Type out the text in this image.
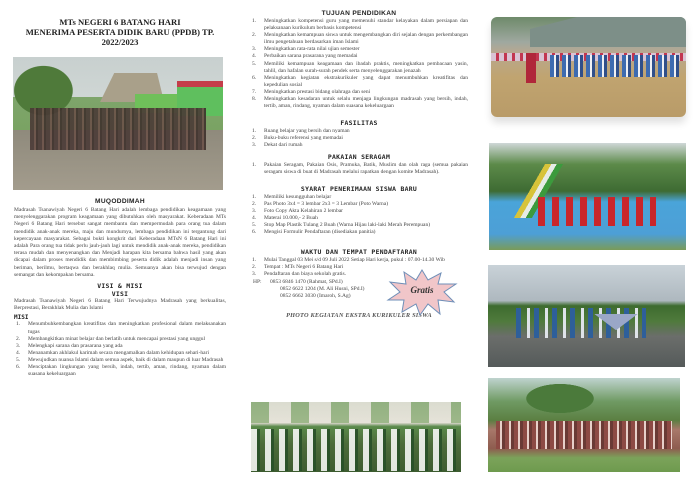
MTs NEGERI 6 BATANG HARI
MENERIMA PESERTA DIDIK BARU (PPDB) TP.
2022/2023
MUQODDIMAH

Madrasah Tsanawiyah Negeri 6 Batang Hari adalah lembaga pendidikan keagamaan yang menyelenggarakan program keagamaan yang dibutuhkan oleh masyarakat. Keberadaan MTs Negeri 6 Batang Hari tersebut sangat membantu dan mempermudah para orang tua dalam mendidik anak-anak mereka, maju dan mundurnya, lembaga pendidikan ini tergantung dari kepercayaan masyarakat. Sebagai bukti kongkrit dari Keberadaan MTsN 6 Batang Hari ini adalah Para orang tua tidak perlu jauh-jauh lagi untuk mendidik anak-anak mereka, pendidikan terasa mudah dan menyenangkan dan Menjadi harapan kita bersama bahwa hasil yang akan dicapai dalam proses mendidik dan membimbing peserta didik adalah menjadi insan yang beriman, berilmu, bertaqwa dan berakhlaq mulia. Semuanya akan bisa terwujud dengan semangat dan kekompakan bersama.

VISI & MISI
VISI

Madrasah Tsanawiyah Negeri 6 Batang Hari Terwujudnya Madrasah yang berkualitas, Berprestasi, Berakhlak Mulia dan Islami

MISI
1.	Menumbuhkembangkan kreatifitas dan meningkatkan profesional dalam melaksanakan tugas
2.	Membangkitkan minat belajar dan berlatih untuk mencapai prestasi yang unggul
3.	Melengkapi sarana dan prasarana yang ada
4.	Menanamkan akhlakul karimah secara mengamalkan dalam kehidupan sehari-hari
5.	Mewujudkan nuansa Islami dalam semua aspek, baik di dalam maupun di luar Madrasah
6.	Menciptakan lingkungan yang bersih, indah, tertib, aman, rindang, nyaman dalam suasana kekeluargaan
TUJUAN PENDIDIKAN
1.	Meningkatkan kompetensi guru yang memenuhi standar kelayakan dalam persiapan dan pelaksanaan kurikulum berbasis kompetensi
2.	Meningkatkan kemampuan siswa untuk mengembangkan diri sejalan dengan perkembangan ilmu pengetahuan berdasarkan iman Islami
3.	Meningkatkan rata-rata nilai ujian semester
4.	Perbaikan sarana prasarana yang memadai
5.	Memiliki kemampuan keagamaan dan ibadah praktis, meningkatkan pembacaan yasin, tahlil, dan hafalan surah-surah pendek serta menyelenggarakan jenazah
6.	Meningkatkan kegiatan ekstrakurikuler yang dapat menumbuhkan kreatifitas dan kepedulian sosial
7.	Meningkatkan prestasi bidang olahraga dan seni
8.	Meningkatkan kesadaran untuk selalu menjaga lingkungan madrasah yang bersih, indah, tertib, aman, rindang, nyaman dalam suasana kekeluargaan
FASILITAS
1.	Ruang belajar yang bersih dan nyaman
2.	Buku-buku referensi yang memadai
3.	Dekat dari rumah
PAKAIAN SERAGAM
1.	Pakaian Seragam, Pakaian Osis, Pramuka, Batik, Muslim dan olah raga (semua pakaian seragam siswa di buat di Madrasah melalui rapatkan dengan komite Madrasah).
SYARAT PENERIMAAN SISWA BARU
1.	Memiliki kesungguhan belajar
2.	Pas Photo 3x4 = 3 lembar 2x3 = 3 Lembar (Poto Warna)
3.	Foto Copy Akta Kelahiran 2 lembar
4.	Materai 10.000,- 2 Buah
5.	Stop Map Plastik Tulang 2 Buah (Warna Hijau laki-laki Merah Perempuan)
6.	Mengisi Formulir Pendaftaran (disediakan panitia)
WAKTU DAN TEMPAT PENDAFTARAN
1.	Mulai Tanggal 03 Mei s/d 09 Juli 2022 Setiap Hari kerja, pukul : 07.00-14.30 Wib
2.	Tempat : MTs Negeri 6 Batang Hari
3.	Pendaftaran dan biaya sekolah gratis.
HP:	0853 6846 1470 (Rahmat, SPd.I)
0852 6622 1204 (M. Ali Husni, SPd.I)
0852 6662 3030 (Imaroh, S.Ag)
Gratis
PHOTO KEGIATAN EKSTRA KURIKULER SISWA
